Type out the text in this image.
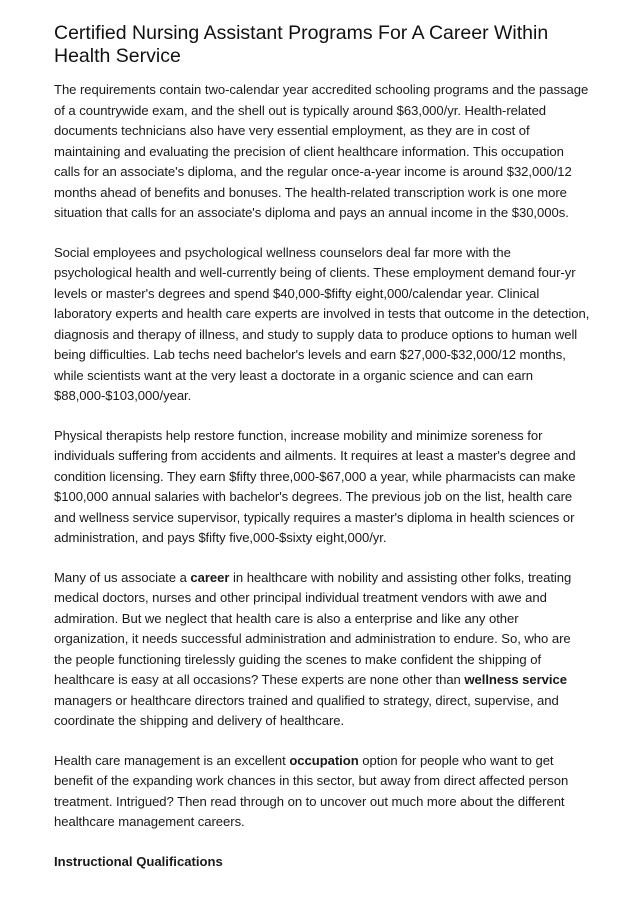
Certified Nursing Assistant Programs For A Career Within Health Service

The requirements contain two-calendar year accredited schooling programs and the passage of a countrywide exam, and the shell out is typically around $63,000/yr. Health-related documents technicians also have very essential employment, as they are in cost of maintaining and evaluating the precision of client healthcare information. This occupation calls for an associate's diploma, and the regular once-a-year income is around $32,000/12 months ahead of benefits and bonuses. The health-related transcription work is one more situation that calls for an associate's diploma and pays an annual income in the $30,000s.

Social employees and psychological wellness counselors deal far more with the psychological health and well-currently being of clients. These employment demand four-yr levels or master's degrees and spend $40,000-$fifty eight,000/calendar year. Clinical laboratory experts and health care experts are involved in tests that outcome in the detection, diagnosis and therapy of illness, and study to supply data to produce options to human well being difficulties. Lab techs need bachelor's levels and earn $27,000-$32,000/12 months, while scientists want at the very least a doctorate in a organic science and can earn $88,000-$103,000/year.

Physical therapists help restore function, increase mobility and minimize soreness for individuals suffering from accidents and ailments. It requires at least a master's degree and condition licensing. They earn $fifty three,000-$67,000 a year, while pharmacists can make $100,000 annual salaries with bachelor's degrees. The previous job on the list, health care and wellness service supervisor, typically requires a master's diploma in health sciences or administration, and pays $fifty five,000-$sixty eight,000/yr.

Many of us associate a career in healthcare with nobility and assisting other folks, treating medical doctors, nurses and other principal individual treatment vendors with awe and admiration. But we neglect that health care is also a enterprise and like any other organization, it needs successful administration and administration to endure. So, who are the people functioning tirelessly guiding the scenes to make confident the shipping of healthcare is easy at all occasions? These experts are none other than wellness service managers or healthcare directors trained and qualified to strategy, direct, supervise, and coordinate the shipping and delivery of healthcare.

Health care management is an excellent occupation option for people who want to get benefit of the expanding work chances in this sector, but away from direct affected person treatment. Intrigued? Then read through on to uncover out much more about the different healthcare management careers.

Instructional Qualifications
